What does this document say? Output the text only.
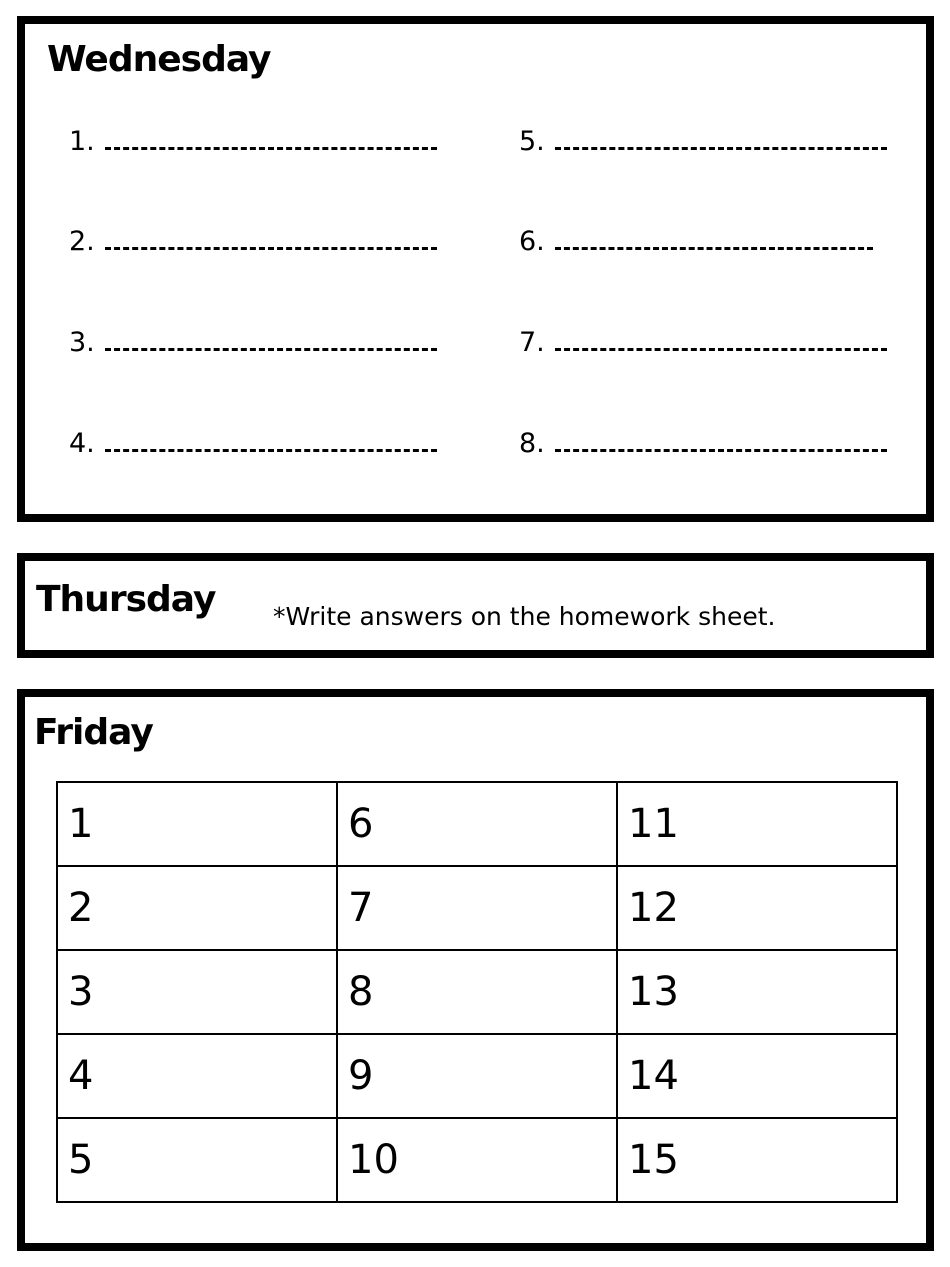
Wednesday
1.
2.
3.
4.
5.
6.
7.
8.
Thursday *Write answers on the homework sheet.
Friday
1	6	11
2	7	12
3	8	13
4	9	14
5	10	15
